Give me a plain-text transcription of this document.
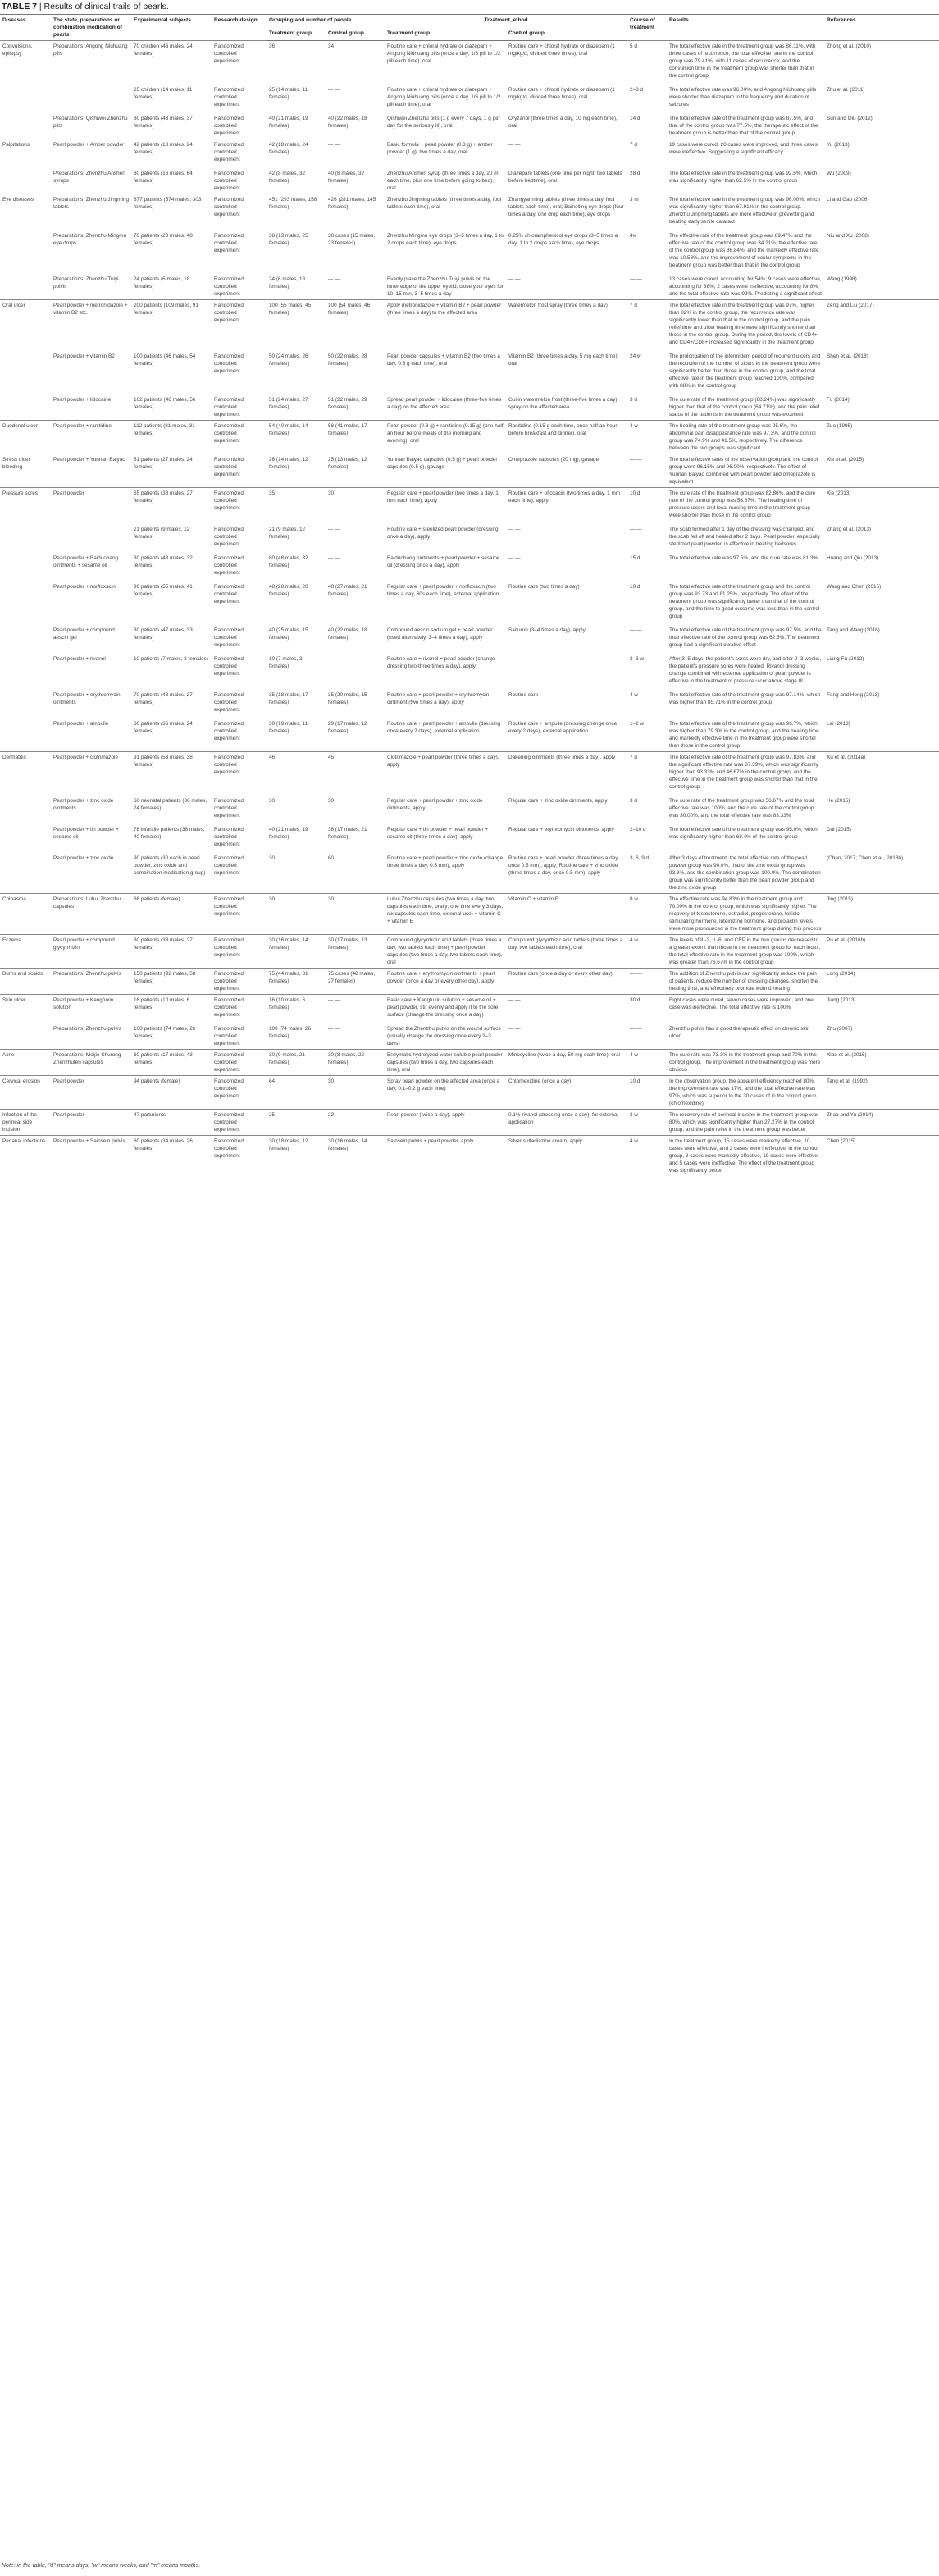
TABLE 7 | Results of clinical trails of pearls.
Diseases	The state, preparations or combination medication of pearls	Experimental subjects	Research design	Grouping and number of people		Treatment_ethod		Course of treatment	Results	References
				Treatment group	Control group	Treatment group	Control group			
Convulsions, epilepsy	Preparations: Angong Niuhuang pills	70 children (46 males, 24 females)	Randomized controlled experiment	36	34	Routine care + chloral hydrate or diazepam + Angong Niuhuang pills (once a day, 1/6 pill to 1/2 pill each time), oral	Routine care + chloral hydrate or diazepam (1 mg/kg/d, divided three times), oral	5 d	The total effective rate in the treatment group was 86.11%, with three cases of recurrence; the total effective rate in the control group was 79.41%, with 11 cases of recurrence; and the convulsion time in the treatment group was shorter than that in the control group	Zhong et al. (2010)
		25 children (14 males, 11 females)	Randomized controlled experiment	25 (14 males, 11 females)	— —	Routine care + chloral hydrate or diazepam + Angong Niuhuang pills (once a day, 1/6 pill to 1/2 pill each time), oral	Routine care + chloral hydrate or diazepam (1 mg/kg/d, divided three times), oral	2–3 d	The total effective rate was 96.00%, and Angong Niuhuang pills were shorter than diazepam in the frequency and duration of seizures	Zhu et al. (2011)
	Preparations: Qishiwei Zhenzhu pills	80 patients (43 males, 37 females)	Randomized controlled experiment	40 (21 males, 19 females)	40 (22 males, 18 females)	Qishiwei Zhenzhu pills (1 g every 7 days, 1 g per day for the seriously ill), oral	Oryzanol (three times a day, 10 mg each time), oral	14 d	The total effective rate of the treatment group was 87.5%, and that of the control group was 77.5%, the therapeutic effect of the treatment group is better than that of the control group	Sun and Qiu (2012)
Palpitations	Pearl powder + Amber powder	42 patients (18 males, 24 females)	Randomized controlled experiment	42 (18 males, 24 females)	— —	Basic formula + pearl powder (0.3 g) + amber powder (1 g), two times a day, oral	— —	7 d	19 cases were cured, 20 cases were improved, and three cases were ineffective. Suggesting a significant efficacy	Yu (2013)
	Preparations: Zhenzhu Anshen syrups	80 patients (16 males, 64 females)	Randomized controlled experiment	42 (8 males, 32 females)	40 (8 males, 32 females)	Zhenzhu Anshen syrup (three times a day, 20 ml each time, plus one time before going to bed), oral	Diazepam tablets (one time per night, two tablets before bedtime), oral	28 d	The total effective rate in the treatment group was 92.5%, which was significantly higher than 62.5% in the control group	Wu (2009)
Eye diseases	Preparations: Zhenzhu Jingming tablets	877 patients (574 males, 303 females)	Randomized controlled experiment	451 (293 males, 158 females)	426 (281 males, 145 females)	Zhenzhu Jingming tablets (three times a day, four tablets each time), oral	Zhangyanming tablets (three times a day, four tablets each time), oral; Bainelling eye drops (four times a day, one drop each time), eye drops	3 m	The total effective rate in the treatment group was 96.00%, which was significantly higher than 67.91% in the control group. Zhenzhu Jingming tablets are more effective in preventing and treating early senile cataract	Li and Gao (2006)
	Preparations: Zhenzhu Mingmu eye drops	76 patients (28 males, 48 females)	Randomized controlled experiment	38 (13 males, 25 females)	38 cases (15 males, 23 females)	Zhenzhu Mingmu eye drops (3–5 times a day, 1 to 2 drops each time), eye drops	0.25% chloramphenicol eye drops (3–5 times a day, 1 to 2 drops each time), eye drops	4w	The effective rate of the treatment group was 89.47% and the effective rate of the control group was 34.21%; the effective rate of the control group was 36.84%, and the markedly effective rate was 10.53%, and the improvement of ocular symptoms in the treatment group was better than that in the control group	Niu and Xu (2008)
	Preparations: Zhenzhu Tuiyi pulvis	24 patients (6 males, 18 females)	Randomized controlled experiment	24 (6 males, 18 females)	— —	Evenly place the Zhenzhu Tuiyi pulvis on the inner edge of the upper eyelid, close your eyes for 10–15 min, 3–5 times a day	— —	— —	13 cases were cured, accounting for 54%; 9 cases were effective, accounting for 38%; 2 cases were ineffective, accounting for 8%; and the total effective rate was 92%. Predicting a significant effect	Wang (1998)
Oral ulcer	Pearl powder + metronidazole + vitamin B2 etc.	200 patients (109 males, 91 females)	Randomized controlled experiment	100 (55 males, 45 females)	100 (54 males, 46 females)	Apply metronidazole + vitamin B2 + pearl powder (three times a day) to the affected area	Watermelon frost spray (three times a day)	7 d	The total effective rate in the treatment group was 97%, higher than 82% in the control group, the recurrence rate was significantly lower than that in the control group, and the pain relief time and ulcer healing time were significantly shorter than those in the control group. During the period, the levels of CD4+ and CD4+/CD8+ increased significantly in the treatment group	Zeng and Liu (2017)
	Pearl powder + vitamin B2	100 patients (46 males, 54 females)	Randomized controlled experiment	50 (24 males, 26 females)	50 (22 males, 28 females)	Pearl powder capsules + vitamin B2 (two times a day, 0.6 g each time), oral	Vitamin B2 (three times a day, 5 mg each time), oral	24 w	The prolongation of the intermittent period of recurrent ulcers and the reduction of the number of ulcers in the treatment group were significantly better than those in the control group, and the total effective rate in the treatment group reached 100%, compared with 88% in the control group	Shen et al. (2018)
	Pearl powder + lidocaine	102 patients (46 males, 56 females)	Randomized controlled experiment	51 (24 males, 27 females)	51 (22 males, 29 females)	Spread pearl powder + lidocaine (three-five times a day) on the affected area	Guilin watermelon frost (three-five times a day) spray on the affected area	3 d	The cure rate of the treatment group (88.24%) was significantly higher than that of the control group (64.71%), and the pain relief status of the patients in the treatment group was excellent	Fu (2014)
Duodenal ulcer	Pearl powder + ranitidine	112 patients (81 males, 31 females)	Randomized controlled experiment	54 (40 males, 14 females)	58 (41 males, 17 females)	Pearl powder (0.3 g) + ranitidine (0.15 g) (one half an hour before meals of the morning and evening), oral	Ranitidine (0.15 g each time, once half an hour before breakfast and dinner), oral	4 w	The healing rate of the treatment group was 95.6%, the abdominal pain disappearance rate was 97.3%, and the control group was 74.9% and 41.5%, respectively. The difference between the two groups was significant	Zuo (1995)
Stress ulcer bleeding	Pearl powder + Yunnan Baiyao	51 patients (27 males, 24 females)	Randomized controlled experiment	26 (14 males, 12 females)	25 (13 males, 12 females)	Yunnan Baiyao capsules (0.5 g) + pearl powder capsules (0.5 g), gavage	Omeprazole capsules (20 mg), gavage	— —	The total effective rates of the observation group and the control group were 96.15% and 96.00%, respectively. The effect of Yunnan Baiyao combined with pearl powder and omeprazole is equivalent	Xie et al. (2015)
Pressure sores	Pearl powder	65 patients (38 males, 27 females)	Randomized controlled experiment	35	30	Regular care + pearl powder (two times a day, 1 mm each time), apply	Routine care + ofloxacin (two times a day, 1 mm each time), apply	10 d	The cure rate of the treatment group was 82.86%, and the cure rate of the control group was 56.67%. The healing time of pressure ulcers and local nursing time in the treatment group were shorter than those in the control group	Xie (2013)
		21 patients (9 males, 12 females)	Randomized controlled experiment	21 (9 males, 12 females)	— —	Routine care + sterilized pearl powder (dressing once a day), apply	— —	— —	The scab formed after 1 day of the dressing was changed, and the scab fell off and healed after 2 days. Pearl powder, especially sterilized pearl powder, is effective in treating bedsores	Zhang et al. (2013)
	Pearl powder + Baiduobang ointments + sesame oil	80 patients (48 males, 32 females)	Randomized controlled experiment	80 (48 males, 32 females)	— —	Baiduobang ointments + pearl powder + sesame oil (dressing once a day), apply	— —	15 d	The total effective rate was 97.5%, and the cure rate was 81.3%	Huang and Qiu (2013)
	Pearl powder + norfloxacin	96 patients (55 males, 41 females)	Randomized controlled experiment	48 (28 males, 20 females)	48 (27 males, 21 females)	Regular care + pearl powder + norfloxacin (two times a day, 60s each time), external application	Routine care (two times a day)	10 d	The total effective rate of the treatment group and the control group was 93.73 and 81.25%, respectively. The effect of the treatment group was significantly better than that of the control group, and the time to good outcome was less than in the control group	Wang and Chen (2015)
	Pearl powder + compound aescin gel	80 patients (47 males, 33 females)	Randomized controlled experiment	40 (25 males, 15 females)	40 (22 males, 18 females)	Compound aescin sodium gel + pearl powder (used alternately, 3–4 times a day), apply	Saifurun (3–4 times a day), apply	— —	The total effective rate of the treatment group was 97.5%, and the total effective rate of the control group was 62.5%. The treatment group had a significant curative effect	Tang and Wang (2016)
	Pearl powder + rivanol	10 patients (7 males, 3 females)	Randomized controlled experiment	10 (7 males, 3 females)	— —	Routine care + rivanol + pearl powder (change dressing two-three times a day), apply	— —	2–3 w	After 3–5 days, the patient's sores were dry, and after 2–3 weeks, the patient's pressure sores were healed. Rivanol dressing change combined with external application of pearl powder is effective in the treatment of pressure ulcer above stage III	Liang-Fu (2012)
	Pearl powder + erythromycin ointments	70 patients (43 males, 27 females)	Randomized controlled experiment	35 (18 males, 17 females)	35 (20 males, 15 females)	Routine care + pearl powder + erythromycin ointment (two times a day), apply	Routine care	4 w	The total effective rate of the treatment group was 97.14%, which was higher than 85.71% in the control group	Fang and Hong (2013)
	Pearl powder + ampulle	60 patients (36 males, 24 females)	Randomized controlled experiment	30 (19 males, 11 females)	29 (17 males, 12 females)	Routine care + pearl powder + ampulle (dressing once every 2 days), external application	Routine care + ampulle (dressing change once every 2 days), external application	1–2 w	The total effective rate of the treatment group was 96.7%, which was higher than 79.3% in the control group, and the healing time and markedly effective time in the treatment group were shorter than those in the control group	Lai (2013)
Dermatitis	Pearl powder + clotrimazole	91 patients (53 males, 38 females)	Randomized controlled experiment	46	45	Clotrimazole + pearl powder (three times a day), apply	Dakening ointments (three times a day), apply	7 d	The total effective rate of the treatment group was 97.83%, and the significant effective rate was 87.39%, which was significantly higher than 93.33% and 46.67% in the control group, and the effective time in the treatment group was shorter than that in the control group	Xu et al. (2014a)
	Pearl powder + zinc oxide ointments	60 neonatal patients (36 males, 24 females)	Randomized controlled experiment	30	30	Regular care + pearl powder + zinc oxide ointments, apply	Regular care + zinc oxide ointments, apply	3 d	The cure rate of the treatment group was 56.67% and the total effective rate was 100%, and the cure rate of the control group was 30.00%, and the total effective rate was 83.33%	He (2015)
	Pearl powder + tin powder + sesame oil	78 infantile patients (38 males, 40 females)	Randomized controlled experiment	40 (21 males, 19 females)	38 (17 males, 21 females)	Regular care + tin powder + pearl powder + sesame oil (three times a day), apply	Regular care + erythromycin ointments, apply	2–10 d	The total effective rate of the treatment group was 95.0%, which was significantly higher than 68.4% of the control group	Dai (2015)
	Pearl powder + zinc oxide	90 patients (30 each in pearl powder, zinc oxide and combination medication group)	Randomized controlled experiment	30	60	Routine care + pearl powder + zinc oxide (change three times a day, 0.5 mm), apply	Routine care + pearl powder (three times a day, once 0.5 mm), apply; Routine care + zinc oxide (three times a day, once 0.5 mm), apply	3, 6, 9 d	After 3 days of treatment, the total effective rate of the pearl powder group was 90.0%, that of the zinc oxide group was 93.3%, and the combination group was 100.0%. The combination group was significantly better than the pearl powder group and the zinc oxide group	(Chen, 2017; Chen et al., 2018b)
Chloasma	Preparations: Luhui Zhenzhu capsules	66 patients (female)	Randomized controlled experiment	30	30	Luhui Zhenzhu capsules (two times a day, two capsules each time, orally; one time every 3 days, six capsules each time, external use) + vitamin C + vitamin E	Vitamin C + vitamin E	8 w	The effective rate was 94.83% in the treatment group and 70.00% in the control group, which was significantly higher. The recovery of testosterone, estradiol, progesterone, follicle-stimulating hormone, luteinizing hormone, and prolactin levels were more pronounced in the treatment group during this process	Jing (2015)
Eczema	Pearl powder + compound glycyrrhizin	60 patients (33 males, 27 females)	Randomized controlled experiment	30 (16 males, 14 females)	30 (17 males, 13 females)	Compound glycyrrhizic acid tablets (three times a day, two tablets each time) + pearl powder capsules (two times a day, two tablets each time), oral	Compound glycyrrhizic acid tablets (three times a day, two tablets each time), oral	4 w	The levels of IL-2, IL-6, and CRP in the two groups decreased to a greater extent than those in the treatment group for each index; the total effective rate in the treatment group was 100%, which was greater than 76.67% in the control group	Pu et al. (2016b)
Burns and scalds	Preparations: Zhenzhu pulvis	150 patients (92 males, 58 females)	Randomized controlled experiment	75 (44 males, 31 females)	75 cases (48 males, 27 females)	Routine care + erythromycin ointments + pearl powder (once a day or every other day), apply	Routine care (once a day or every other day)	— —	The addition of Zhenzhu pulvis can significantly reduce the pain of patients, reduce the number of dressing changes, shorten the healing time, and effectively promote wound healing	Long (2014)
Skin ulcer	Pearl powder + Kangfuxin solution	16 patients (10 males, 6 females)	Randomized controlled experiment	16 (10 males, 6 females)	— —	Basic care + Kangfuxin solution + sesame oil + pearl powder, stir evenly and apply it to the sore surface (change the dressing once a day)	— —	30 d	Eight cases were cured, seven cases were improved, and one case was ineffective. The total effective rate is 100%	Jiang (2013)
	Preparations: Zhenzhu pulvis	100 patients (74 males, 26 females)	Randomized controlled experiment	100 (74 males, 26 females)	— —	Spread the Zhenzhu pulvis on the wound surface (usually change the dressing once every 2–3 days)	— —	— —	Zhenzhu pulvis has a good therapeutic effect on chronic skin ulcer	Zhu (2007)
Acne	Preparations: Meijie Shurong Zhenzhufen capsules	60 patients (17 males, 43 females)	Randomized controlled experiment	30 (9 males, 21 females)	30 (8 males, 22 females)	Enzymatic hydrolyzed water-soluble pearl powder capsules (two times a day, two capsules each time), oral	Minocycline (twice a day, 50 mg each time), oral	4 w	The cure rate was 73.3% in the treatment group and 70% in the control group. The improvement in the treatment group was more obvious	Xiao et al. (2015)
Cervical erosion	Pearl powder	94 patients (female)	Randomized controlled experiment	64	30	Spray pearl powder on the affected area (once a day, 0.1–0.2 g each time)	Chlorhexidine (once a day)	10 d	In the observation group, the apparent efficiency reached 80%, the improvement rate was 17%, and the total effective rate was 97%, which was superior to the 30 cases of in the control group (chlorhexidine)	Tang et al. (1992)
Infection of the perineal side incision	Pearl powder	47 parturients	Randomized controlled experiment	25	22	Pearl powder (twice a day), apply	0.1% rivanol (dressing once a day), for external application	2 w	The recovery rate of perineal incision in the treatment group was 80%, which was significantly higher than 27.27% in the control group, and the pain relief in the treatment group was better	Zhao and Yu (2014)
Perianal infections	Pearl powder + Sainsein pulvis	60 patients (34 males, 26 females)	Randomized controlled experiment	30 (18 males, 12 females)	30 (16 males, 14 females)	Sainsein pulvis + pearl powder, apply	Silver sulfadiazine cream, apply	4 w	In the treatment group, 15 cases were markedly effective, 10 cases were effective, and 2 cases were ineffective; in the control group, 8 cases were markedly effective, 19 cases were effective, and 5 cases were ineffective. The effect of the treatment group was significantly better	Chen (2015)
Note: in the table, "d" means days, "w" means weeks, and "m" means months.
